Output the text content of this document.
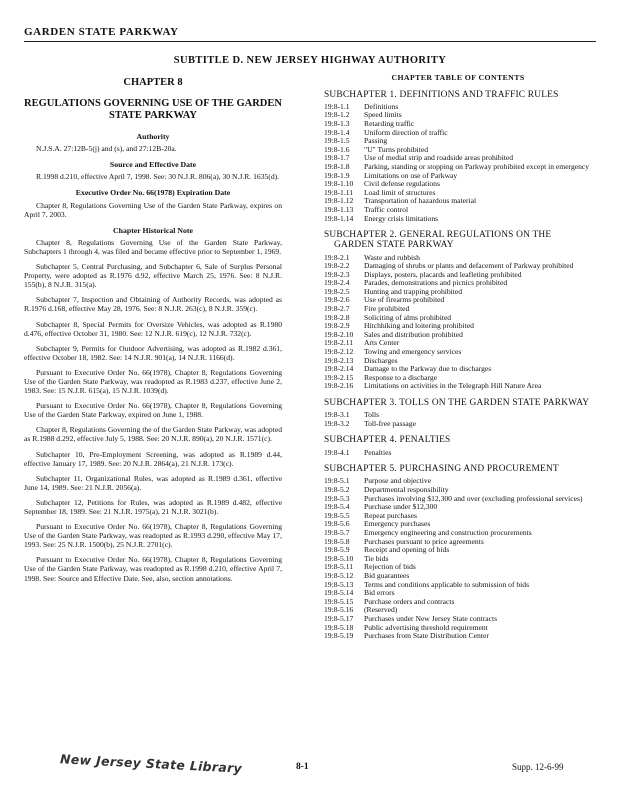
GARDEN STATE PARKWAY
SUBTITLE D. NEW JERSEY HIGHWAY AUTHORITY
CHAPTER 8
REGULATIONS GOVERNING USE OF THE GARDEN STATE PARKWAY
Authority
N.J.S.A. 27:12B-5(j) and (s), and 27:12B-20a.
Source and Effective Date
R.1998 d.210, effective April 7, 1998. See: 30 N.J.R. 806(a), 30 N.J.R. 1635(d).
Executive Order No. 66(1978) Expiration Date
Chapter 8, Regulations Governing Use of the Garden State Parkway, expires on April 7, 2003.
Chapter Historical Note
Chapter 8, Regulations Governing Use of the Garden State Parkway, Subchapters 1 through 4, was filed and became effective prior to September 1, 1969.
Subchapter 5, Central Purchasing, and Subchapter 6, Sale of Surplus Personal Property, were adopted as R.1976 d.92, effective March 25, 1976. See: 8 N.J.R. 155(b), 8 N.J.R. 315(a).
Subchapter 7, Inspection and Obtaining of Authority Records, was adopted as R.1976 d.168, effective May 28, 1976. See: 8 N.J.R. 263(c), 8 N.J.R. 359(c).
Subchapter 8, Special Permits for Oversize Vehicles, was adopted as R.1980 d.476, effective October 31, 1980. See: 12 N.J.R. 619(c), 12 N.J.R. 732(c).
Subchapter 9, Permits for Outdoor Advertising, was adopted as R.1982 d.361, effective October 18, 1982. See: 14 N.J.R. 901(a), 14 N.J.R. 1166(d).
Pursuant to Executive Order No. 66(1978), Chapter 8, Regulations Governing Use of the Garden State Parkway, was readopted as R.1983 d.237, effective June 2, 1983. See: 15 N.J.R. 615(a), 15 N.J.R. 1039(d).
Pursuant to Executive Order No. 66(1978), Chapter 8, Regulations Governing Use of the Garden State Parkway, expired on June 1, 1988.
Chapter 8, Regulations Governing the of the Garden State Parkway, was adopted as R.1988 d.292, effective July 5, 1988. See: 20 N.J.R. 890(a), 20 N.J.R. 1571(c).
Subchapter 10, Pre-Employment Screening, was adopted as R.1989 d.44, effective January 17, 1989. See: 20 N.J.R. 2864(a), 21 N.J.R. 173(c).
Subchapter 11, Organizational Rules, was adopted as R.1989 d.361, effective June 14, 1989. See: 21 N.J.R. 2056(a).
Subchapter 12, Petitions for Rules, was adopted as R.1989 d.482, effective September 18, 1989. See: 21 N.J.R. 1975(a), 21 N.J.R. 3021(b).
Pursuant to Executive Order No. 66(1978), Chapter 8, Regulations Governing Use of the Garden State Parkway, was readopted as R.1993 d.290, effective May 17, 1993. See: 25 N.J.R. 1500(b), 25 N.J.R. 2701(c).
Pursuant to Executive Order No. 66(1978), Chapter 8, Regulations Governing Use of the Garden State Parkway, was readopted as R.1998 d.210, effective April 7, 1998. See: Source and Effective Date. See, also, section annotations.
CHAPTER TABLE OF CONTENTS
SUBCHAPTER 1. DEFINITIONS AND TRAFFIC RULES
19:8-1.1	Definitions
19:8-1.2	Speed limits
19:8-1.3	Retarding traffic
19:8-1.4	Uniform direction of traffic
19:8-1.5	Passing
19:8-1.6	"U" Turns prohibited
19:8-1.7	Use of medial strip and roadside areas prohibited
19:8-1.8	Parking, standing or stopping on Parkway prohibited except in emergency
19:8-1.9	Limitations on use of Parkway
19:8-1.10	Civil defense regulations
19:8-1.11	Load limit of structures
19:8-1.12	Transportation of hazardous material
19:8-1.13	Traffic control
19:8-1.14	Energy crisis limitations
SUBCHAPTER 2. GENERAL REGULATIONS ON THE GARDEN STATE PARKWAY
19:8-2.1	Waste and rubbish
19:8-2.2	Damaging of shrubs or plants and defacement of Parkway prohibited
19:8-2.3	Displays, posters, placards and leafleting prohibited
19:8-2.4	Parades, demonstrations and picnics prohibited
19:8-2.5	Hunting and trapping prohibited
19:8-2.6	Use of firearms prohibited
19:8-2.7	Fire prohibited
19:8-2.8	Soliciting of alms prohibited
19:8-2.9	Hitchhiking and loitering prohibited
19:8-2.10	Sales and distribution prohibited
19:8-2.11	Arts Center
19:8-2.12	Towing and emergency services
19:8-2.13	Discharges
19:8-2.14	Damage to the Parkway due to discharges
19:8-2.15	Response to a discharge
19:8-2.16	Limitations on activities in the Telegraph Hill Nature Area
SUBCHAPTER 3. TOLLS ON THE GARDEN STATE PARKWAY
19:8-3.1	Tolls
19:8-3.2	Toll-free passage
SUBCHAPTER 4. PENALTIES
19:8-4.1	Penalties
SUBCHAPTER 5. PURCHASING AND PROCUREMENT
19:8-5.1	Purpose and objective
19:8-5.2	Departmental responsibility
19:8-5.3	Purchases involving $12,300 and over (excluding professional services)
19:8-5.4	Purchase under $12,300
19:8-5.5	Repeat purchases
19:8-5.6	Emergency purchases
19:8-5.7	Emergency engineering and construction procurements
19:8-5.8	Purchases pursuant to price agreements
19:8-5.9	Receipt and opening of bids
19:8-5.10	Tie bids
19:8-5.11	Rejection of bids
19:8-5.12	Bid guarantees
19:8-5.13	Terms and conditions applicable to submission of bids
19:8-5.14	Bid errors
19:8-5.15	Purchase orders and contracts
19:8-5.16	(Reserved)
19:8-5.17	Purchases under New Jersey State contracts
19:8-5.18	Public advertising threshold requirement
19:8-5.19	Purchases from State Distribution Center
New Jersey State Library	8-1	Supp. 12-6-99
